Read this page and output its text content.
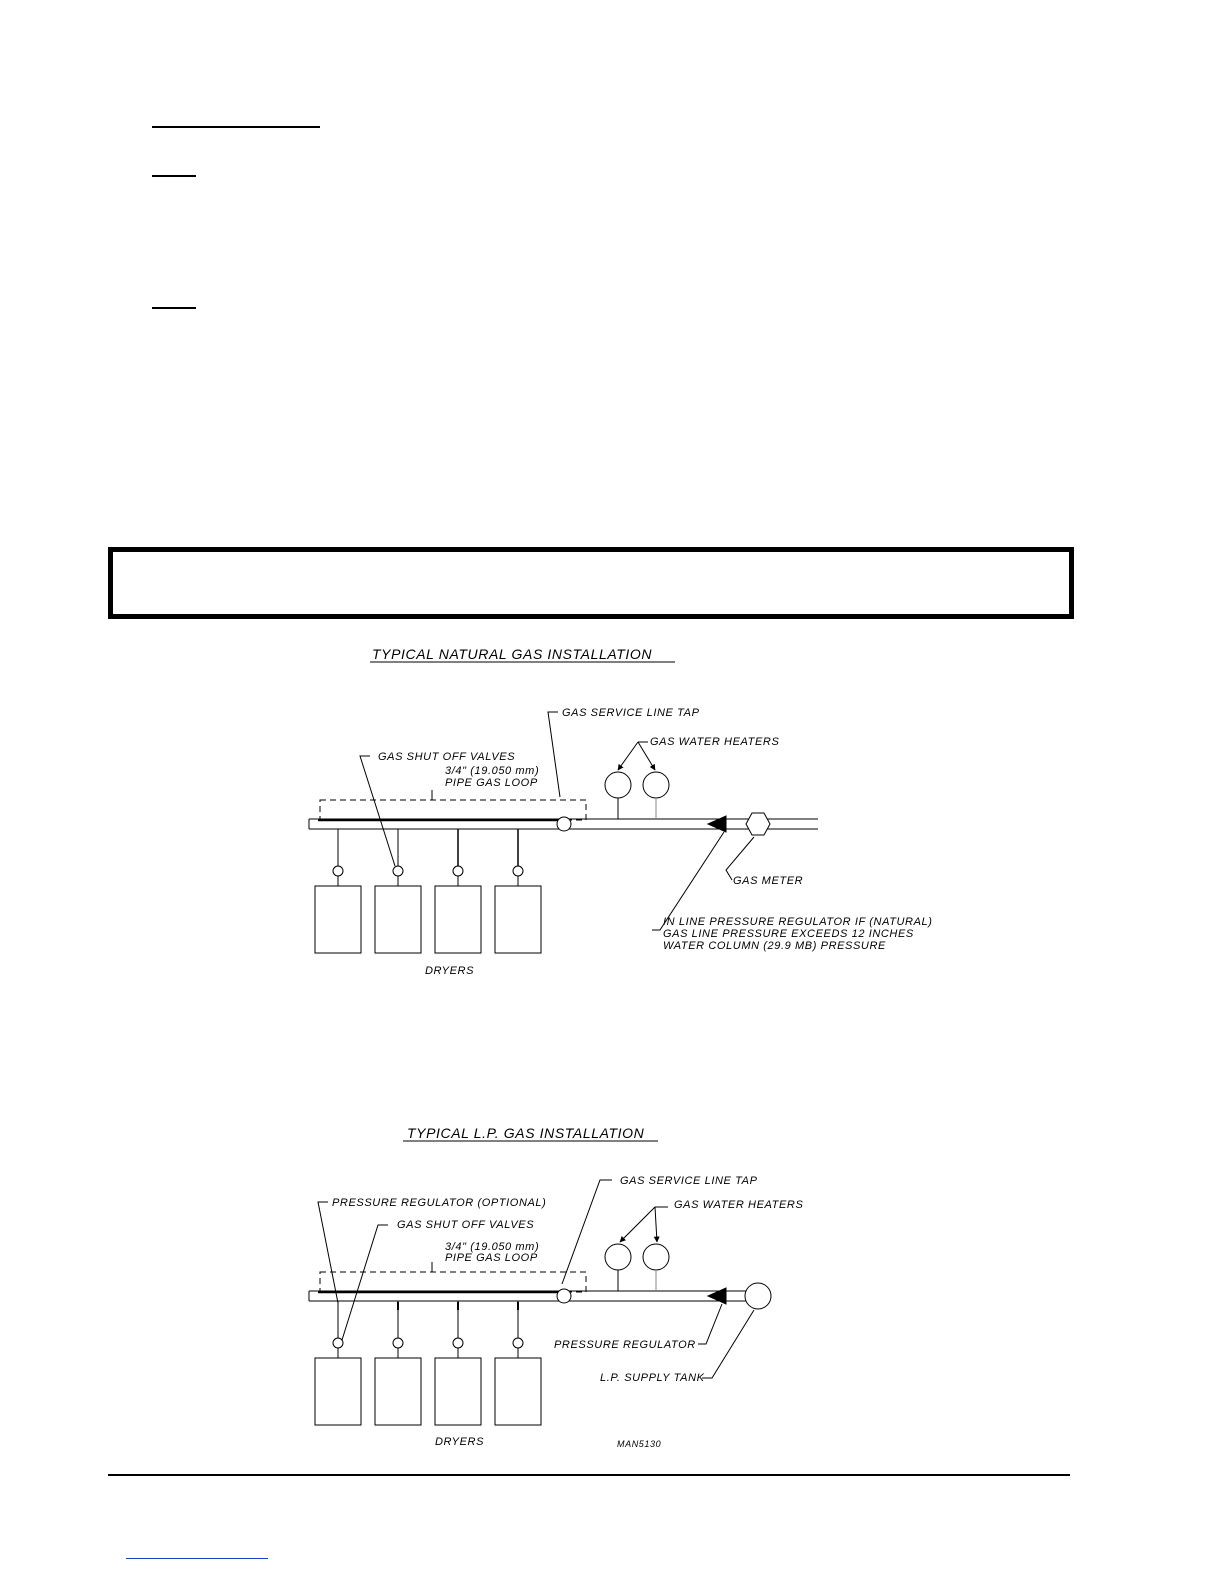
TYPICAL NATURAL GAS INSTALLATION
GAS SERVICE LINE TAP
GAS WATER HEATERS
GAS SHUT OFF VALVES
3/4" (19.050 mm)
PIPE GAS LOOP
GAS METER
IN LINE PRESSURE REGULATOR IF (NATURAL)
GAS LINE PRESSURE EXCEEDS 12 INCHES
WATER COLUMN (29.9 MB) PRESSURE
DRYERS
TYPICAL L.P. GAS INSTALLATION
GAS SERVICE LINE TAP
GAS WATER HEATERS
PRESSURE REGULATOR (OPTIONAL)
GAS SHUT OFF VALVES
3/4" (19.050 mm)
PIPE GAS LOOP
PRESSURE REGULATOR
L.P. SUPPLY TANK
DRYERS	MAN5130
